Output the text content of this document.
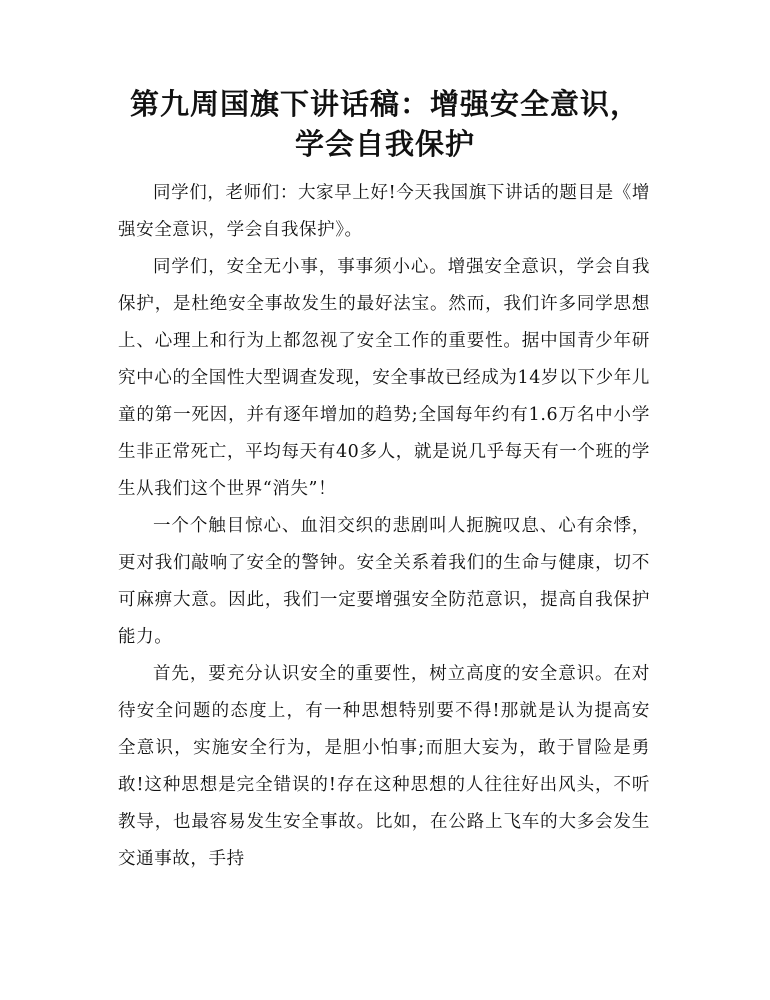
第九周国旗下讲话稿：增强安全意识，
学会自我保护

同学们，老师们：大家早上好!今天我国旗下讲话的题目是《增强安全意识，学会自我保护》。

同学们，安全无小事，事事须小心。增强安全意识，学会自我保护，是杜绝安全事故发生的最好法宝。然而，我们许多同学思想上、心理上和行为上都忽视了安全工作的重要性。据中国青少年研究中心的全国性大型调查发现，安全事故已经成为14岁以下少年儿童的第一死因，并有逐年增加的趋势;全国每年约有1.6万名中小学生非正常死亡，平均每天有40多人，就是说几乎每天有一个班的学生从我们这个世界“消失”！

一个个触目惊心、血泪交织的悲剧叫人扼腕叹息、心有余悸，更对我们敲响了安全的警钟。安全关系着我们的生命与健康，切不可麻痹大意。因此，我们一定要增强安全防范意识，提高自我保护能力。

首先，要充分认识安全的重要性，树立高度的安全意识。在对待安全问题的态度上，有一种思想特别要不得!那就是认为提高安全意识，实施安全行为，是胆小怕事;而胆大妄为，敢于冒险是勇敢!这种思想是完全错误的!存在这种思想的人往往好出风头，不听教导，也最容易发生安全事故。比如，在公路上飞车的大多会发生交通事故，手持
